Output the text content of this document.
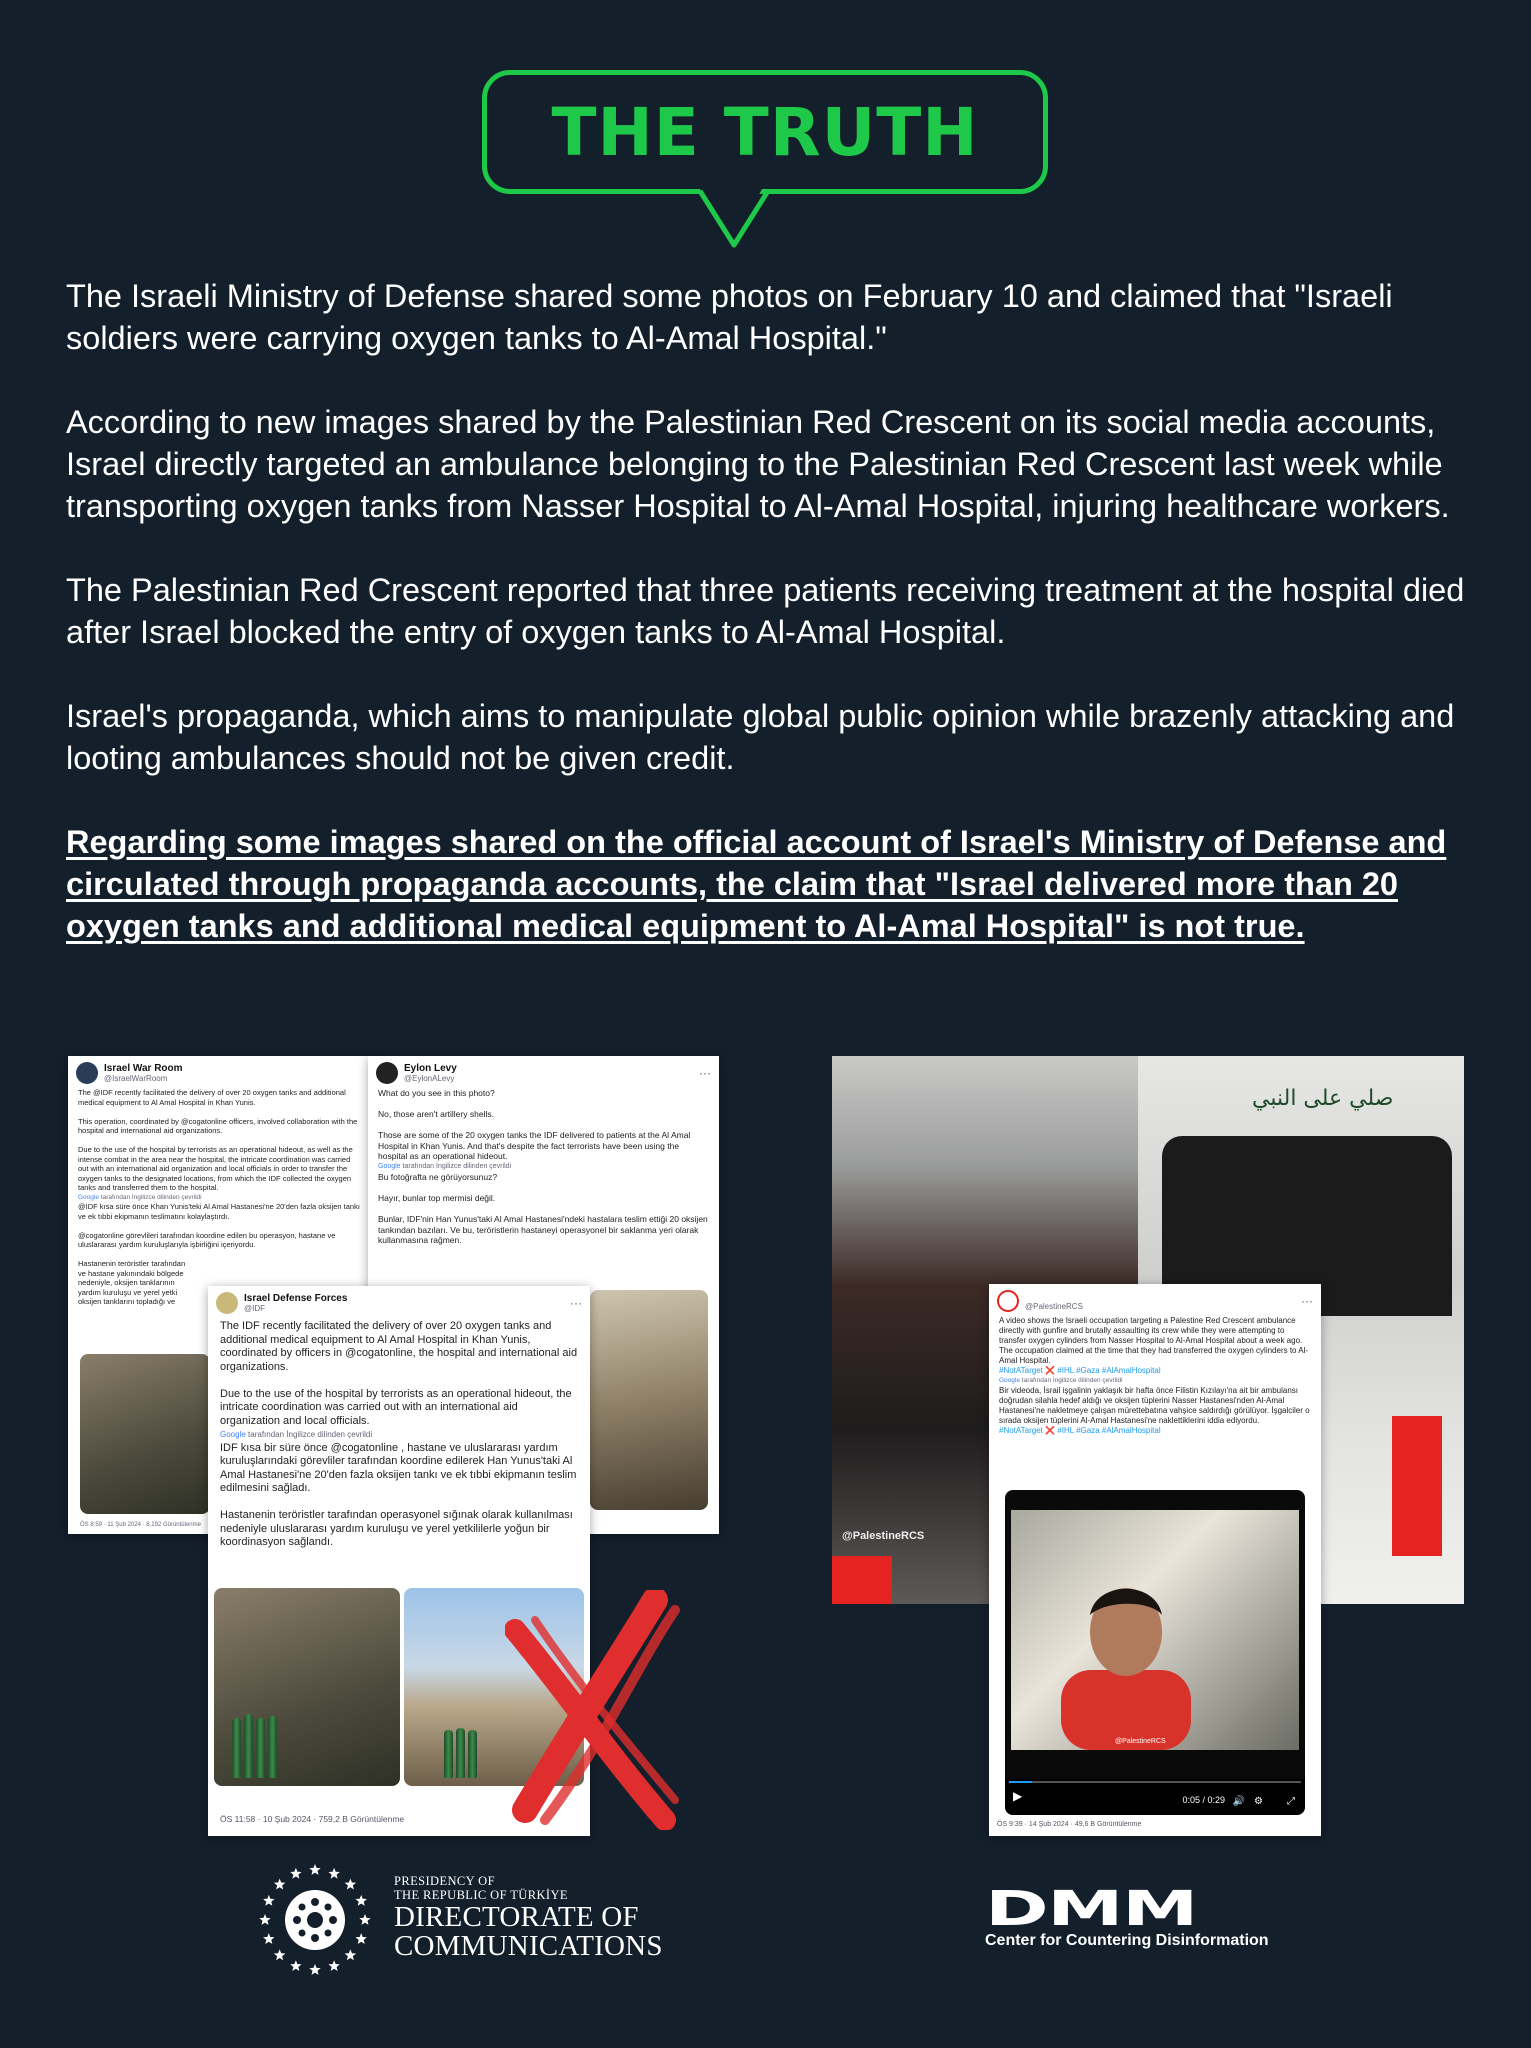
THE TRUTH

The Israeli Ministry of Defense shared some photos on February 10 and claimed that "Israeli soldiers were carrying oxygen tanks to Al-Amal Hospital."

According to new images shared by the Palestinian Red Crescent on its social media accounts, Israel directly targeted an ambulance belonging to the Palestinian Red Crescent last week while transporting oxygen tanks from Nasser Hospital to Al-Amal Hospital, injuring healthcare workers.

The Palestinian Red Crescent reported that three patients receiving treatment at the hospital died after Israel blocked the entry of oxygen tanks to Al-Amal Hospital.

Israel's propaganda, which aims to manipulate global public opinion while brazenly attacking and looting ambulances should not be given credit.

Regarding some images shared on the official account of Israel's Ministry of Defense and circulated through propaganda accounts, the claim that "Israel delivered more than 20 oxygen tanks and additional medical equipment to Al-Amal Hospital" is not true.

Israel War Room
@IsraelWarRoom
The @IDF recently facilitated the delivery of over 20 oxygen tanks and additional medical equipment to Al Amal Hospital in Khan Yunis.

This operation, coordinated by @cogatonline officers, involved collaboration with the hospital and international aid organizations.

Due to the use of the hospital by terrorists as an operational hideout, as well as the intense combat in the area near the hospital, the intricate coordination was carried out with an international aid organization and local officials in order to transfer the oxygen tanks to the designated locations, from which the IDF collected the oxygen tanks and transferred them to the hospital.
Google tarafından İngilizce dilinden çevrildi
@IDF kısa süre önce Khan Yunis'teki Al Amal Hastanesi'ne 20'den fazla oksijen tankı ve ek tıbbi ekipmanın teslimatını kolaylaştırdı.

@cogatonline görevlileri tarafından koordine edilen bu operasyon, hastane ve uluslararası yardım kuruluşlarıyla işbirliğini içeriyordu.

Hastanenin teröristler tarafından ve hastane yakınındaki bölgede nedeniyle, oksijen tanklarının yardım kuruluşu ve yerel yetki oksijen tanklarını topladığı ve
ÖS 8:59 · 11 Şub 2024 · 8,192 Görüntülenme
Eylon Levy
@EylonALevy	···
What do you see in this photo?

No, those aren't artillery shells.

Those are some of the 20 oxygen tanks the IDF delivered to patients at the Al Amal Hospital in Khan Yunis. And that's despite the fact terrorists have been using the hospital as an operational hideout.
Google tarafından İngilizce dilinden çevrildi
Bu fotoğrafta ne görüyorsunuz?

Hayır, bunlar top mermisi değil.

Bunlar, IDF'nin Han Yunus'taki Al Amal Hastanesi'ndeki hastalara teslim ettiği 20 oksijen tankından bazıları. Ve bu, teröristlerin hastaneyi operasyonel bir saklanma yeri olarak kullanmasına rağmen.
Israel Defense Forces
@IDF	···
The IDF recently facilitated the delivery of over 20 oxygen tanks and additional medical equipment to Al Amal Hospital in Khan Yunis, coordinated by officers in @cogatonline, the hospital and international aid organizations.

Due to the use of the hospital by terrorists as an operational hideout, the intricate coordination was carried out with an international aid organization and local officials.
Google tarafından İngilizce dilinden çevrildi
IDF kısa bir süre önce @cogatonline , hastane ve uluslararası yardım kuruluşlarındaki görevliler tarafından koordine edilerek Han Yunus'taki Al Amal Hastanesi'ne 20'den fazla oksijen tankı ve ek tıbbi ekipmanın teslim edilmesini sağladı.

Hastanenin teröristler tarafından operasyonel sığınak olarak kullanılması nedeniyle uluslararası yardım kuruluşu ve yerel yetkililerle yoğun bir koordinasyon sağlandı.
ÖS 11:58 · 10 Şub 2024 · 759,2 B Görüntülenme
صلي على النبي
@PalestineRCS
PRCS
@PalestineRCS	···
A video shows the Israeli occupation targeting a Palestine Red Crescent ambulance directly with gunfire and brutally assaulting its crew while they were attempting to transfer oxygen cylinders from Nasser Hospital to Al-Amal Hospital about a week ago. The occupation claimed at the time that they had transferred the oxygen cylinders to Al-Amal Hospital.
#NotATarget ❌ #IHL #Gaza #AlAmalHospital
Google tarafından İngilizce dilinden çevrildi
Bir videoda, İsrail işgalinin yaklaşık bir hafta önce Filistin Kızılayı'na ait bir ambulansı doğrudan silahla hedef aldığı ve oksijen tüplerini Nasser Hastanesi'nden Al-Amal Hastanesi'ne nakletmeye çalışan mürettebatına vahşice saldırdığı görülüyor. İşgalciler o sırada oksijen tüplerini Al-Amal Hastanesi'ne naklettiklerini iddia ediyordu.
#NotATarget ❌ #IHL #Gaza #AlAmalHospital
@PalestineRCS
▶	0:05 / 0:29 🔊 ⚙ ⤢
ÖS 9:39 · 14 Şub 2024 · 49,6 B Görüntülenme
PRESIDENCY OF
THE REPUBLIC OF TÜRKİYE
DIRECTORATE OF
COMMUNICATIONS
DMM
Center for Countering Disinformation
